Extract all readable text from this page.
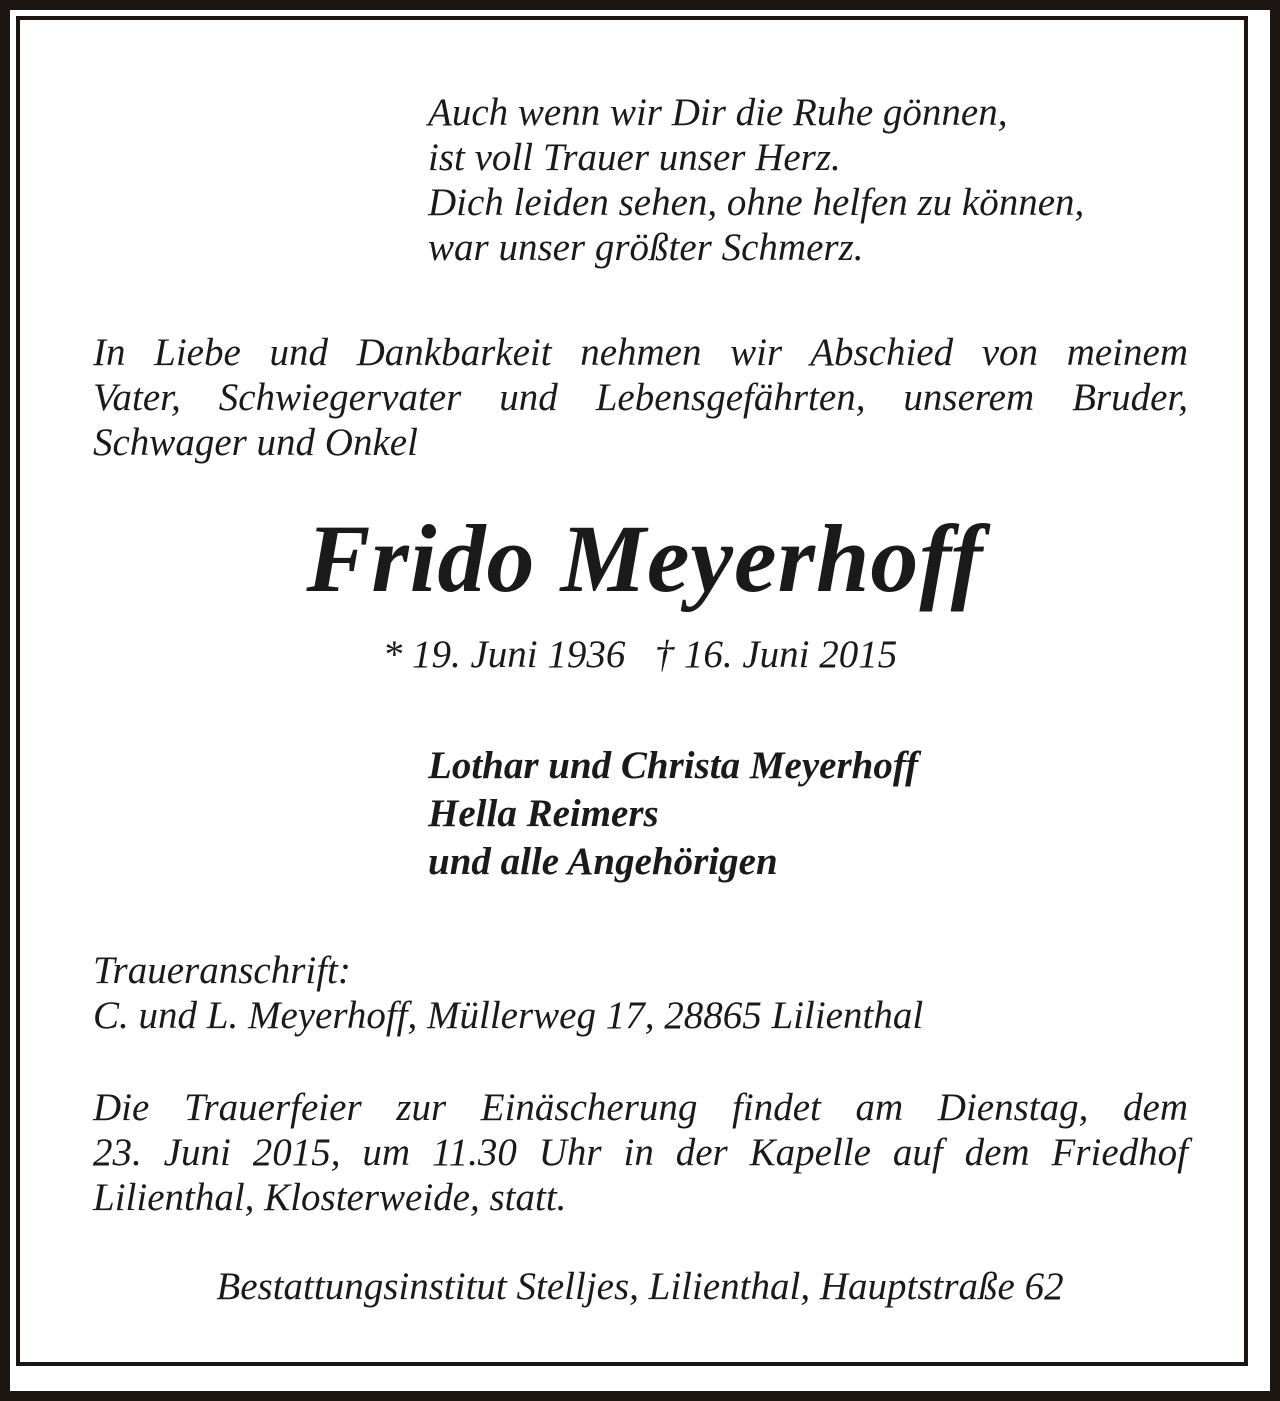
Auch wenn wir Dir die Ruhe gönnen,
ist voll Trauer unser Herz.
Dich leiden sehen, ohne helfen zu können,
war unser größter Schmerz.
In Liebe und Dankbarkeit nehmen wir Abschied von meinem
Vater, Schwiegervater und Lebensgefährten, unserem Bruder,
Schwager und Onkel
Frido Meyerhoff
* 19. Juni 1936 † 16. Juni 2015
Lothar und Christa Meyerhoff
Hella Reimers
und alle Angehörigen
Traueranschrift:
C. und L. Meyerhoff, Müllerweg 17, 28865 Lilienthal
Die Trauerfeier zur Einäscherung findet am Dienstag, dem
23. Juni 2015, um 11.30 Uhr in der Kapelle auf dem Friedhof
Lilienthal, Klosterweide, statt.
Bestattungsinstitut Stelljes, Lilienthal, Hauptstraße 62
